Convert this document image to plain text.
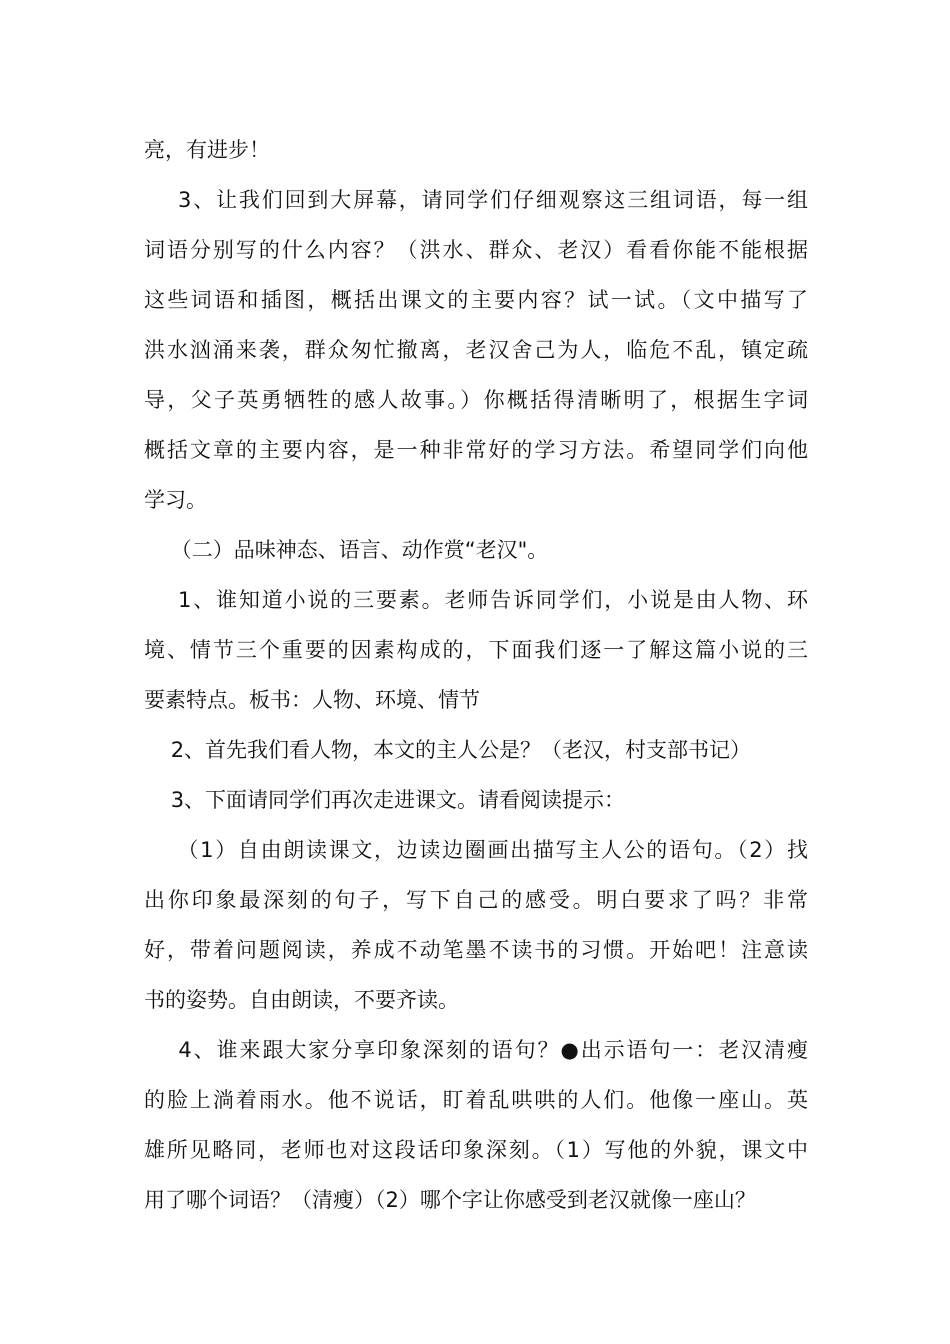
亮，有进步！
3、让我们回到大屏幕，请同学们仔细观察这三组词语，每一组
词语分别写的什么内容？（洪水、群众、老汉）看看你能不能根据
这些词语和插图，概括出课文的主要内容？试一试。（文中描写了
洪水汹涌来袭，群众匆忙撤离，老汉舍己为人，临危不乱，镇定疏
导，父子英勇牺牲的感人故事。）你概括得清晰明了，根据生字词
概括文章的主要内容，是一种非常好的学习方法。希望同学们向他
学习。
（二）品味神态、语言、动作赏“老汉"。
1、谁知道小说的三要素。老师告诉同学们，小说是由人物、环
境、情节三个重要的因素构成的，下面我们逐一了解这篇小说的三
要素特点。板书：人物、环境、情节
2、首先我们看人物，本文的主人公是？（老汉，村支部书记）
3、下面请同学们再次走进课文。请看阅读提示：
（1）自由朗读课文，边读边圈画出描写主人公的语句。（2）找
出你印象最深刻的句子，写下自己的感受。明白要求了吗？非常
好，带着问题阅读，养成不动笔墨不读书的习惯。开始吧！注意读
书的姿势。自由朗读，不要齐读。
4、谁来跟大家分享印象深刻的语句？●出示语句一：老汉清瘦
的脸上淌着雨水。他不说话，盯着乱哄哄的人们。他像一座山。英
雄所见略同，老师也对这段话印象深刻。（1）写他的外貌，课文中
用了哪个词语？（清瘦）（2）哪个字让你感受到老汉就像一座山？
